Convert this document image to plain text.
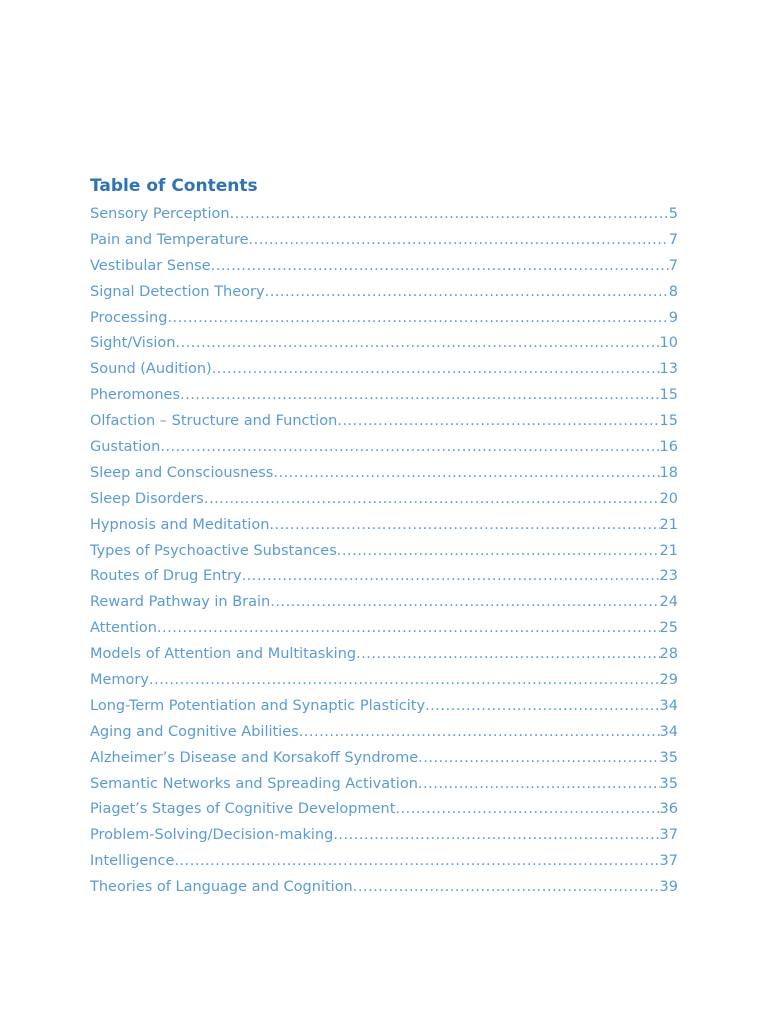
Table of Contents
Sensory Perception .....	5
Pain and Temperature .....	7
Vestibular Sense .....	7
Signal Detection Theory .....	8
Processing .....	9
Sight/Vision .....	10
Sound (Audition) .....	13
Pheromones .....	15
Olfaction – Structure and Function .....	15
Gustation .....	16
Sleep and Consciousness .....	18
Sleep Disorders .....	20
Hypnosis and Meditation .....	21
Types of Psychoactive Substances .....	21
Routes of Drug Entry .....	23
Reward Pathway in Brain .....	24
Attention .....	25
Models of Attention and Multitasking .....	28
Memory .....	29
Long-Term Potentiation and Synaptic Plasticity .....	34
Aging and Cognitive Abilities .....	34
Alzheimer’s Disease and Korsakoff Syndrome .....	35
Semantic Networks and Spreading Activation .....	35
Piaget’s Stages of Cognitive Development .....	36
Problem-Solving/Decision-making .....	37
Intelligence .....	37
Theories of Language and Cognition .....	39
